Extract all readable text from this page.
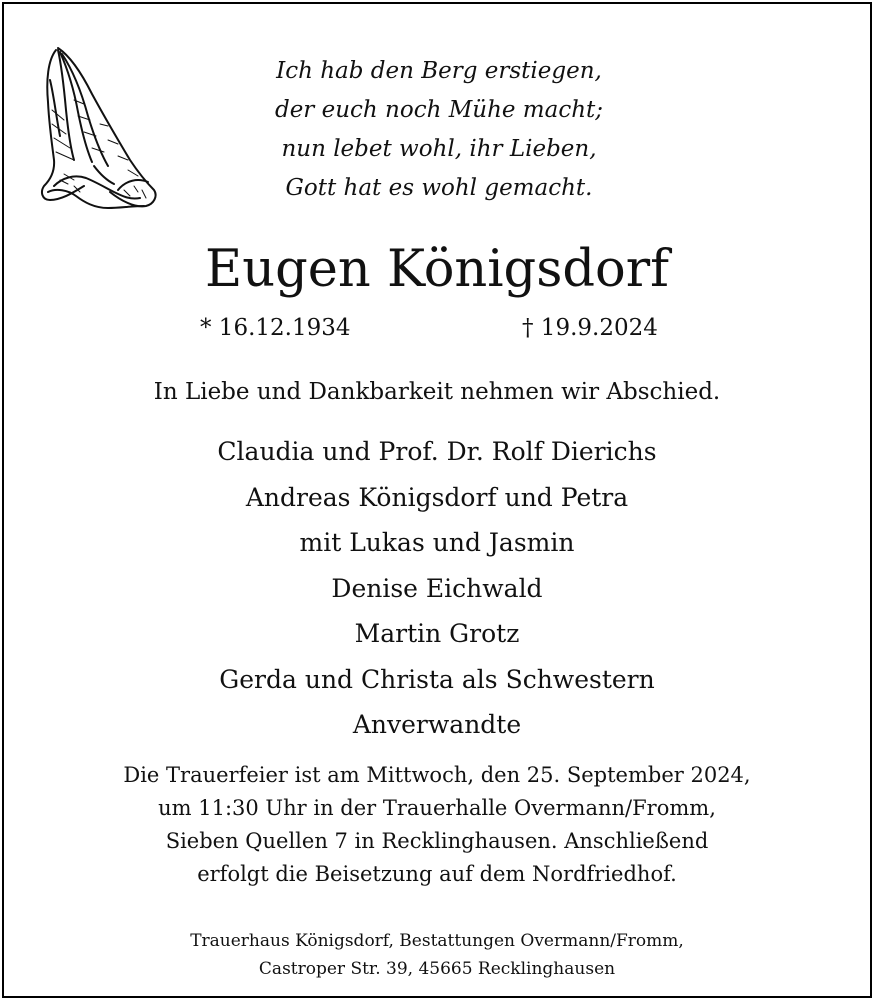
Ich hab den Berg erstiegen,
der euch noch Mühe macht;
nun lebet wohl, ihr Lieben,
Gott hat es wohl gemacht.
Eugen Königsdorf
* 16.12.1934	† 19.9.2024
In Liebe und Dankbarkeit nehmen wir Abschied.
Claudia und Prof. Dr. Rolf Dierichs
Andreas Königsdorf und Petra
mit Lukas und Jasmin
Denise Eichwald
Martin Grotz
Gerda und Christa als Schwestern
Anverwandte
Die Trauerfeier ist am Mittwoch, den 25. September 2024,
um 11:30 Uhr in der Trauerhalle Overmann/Fromm,
Sieben Quellen 7 in Recklinghausen. Anschließend
erfolgt die Beisetzung auf dem Nordfriedhof.
Trauerhaus Königsdorf, Bestattungen Overmann/Fromm,
Castroper Str. 39, 45665 Recklinghausen
